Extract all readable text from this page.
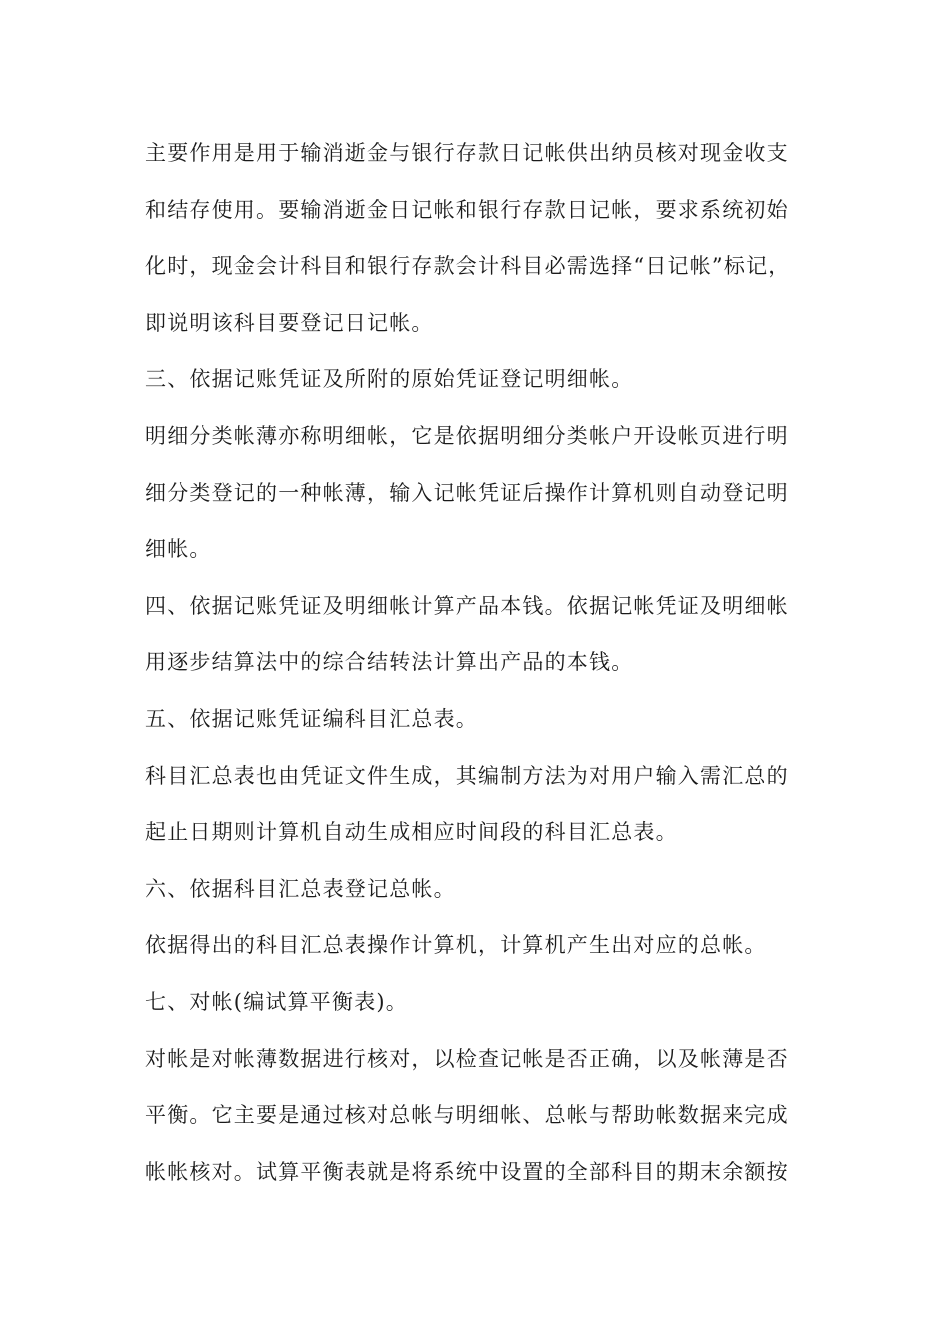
主要作用是用于输消逝金与银行存款日记帐供出纳员核对现金收支
和结存使用。要输消逝金日记帐和银行存款日记帐，要求系统初始
化时，现金会计科目和银行存款会计科目必需选择“日记帐”标记，
即说明该科目要登记日记帐。
三、依据记账凭证及所附的原始凭证登记明细帐。
明细分类帐薄亦称明细帐，它是依据明细分类帐户开设帐页进行明
细分类登记的一种帐薄，输入记帐凭证后操作计算机则自动登记明
细帐。
四、依据记账凭证及明细帐计算产品本钱。依据记帐凭证及明细帐
用逐步结算法中的综合结转法计算出产品的本钱。
五、依据记账凭证编科目汇总表。
科目汇总表也由凭证文件生成，其编制方法为对用户输入需汇总的
起止日期则计算机自动生成相应时间段的科目汇总表。
六、依据科目汇总表登记总帐。
依据得出的科目汇总表操作计算机，计算机产生出对应的总帐。
七、对帐(编试算平衡表)。
对帐是对帐薄数据进行核对，以检查记帐是否正确，以及帐薄是否
平衡。它主要是通过核对总帐与明细帐、总帐与帮助帐数据来完成
帐帐核对。试算平衡表就是将系统中设置的全部科目的期末余额按
